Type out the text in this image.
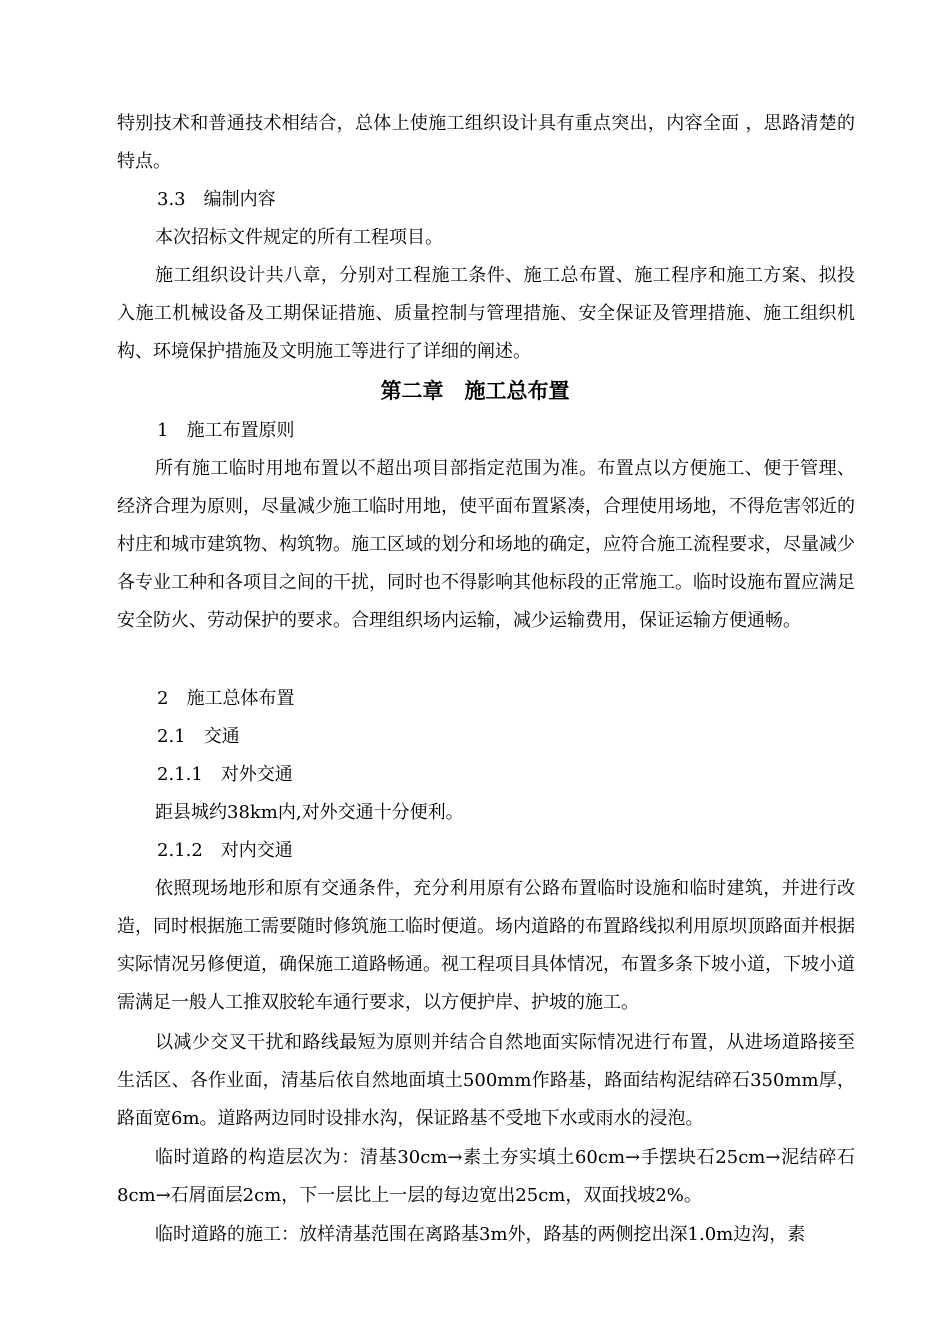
特别技术和普通技术相结合，总体上使施工组织设计具有重点突出，内容全面 ，思路清楚的特点。

3.3 编制内容

本次招标文件规定的所有工程项目。

施工组织设计共八章，分别对工程施工条件、施工总布置、施工程序和施工方案、拟投入施工机械设备及工期保证措施、质量控制与管理措施、安全保证及管理措施、施工组织机构、环境保护措施及文明施工等进行了详细的阐述。

第二章　施工总布置
1 施工布置原则

所有施工临时用地布置以不超出项目部指定范围为准。布置点以方便施工、便于管理、经济合理为原则，尽量减少施工临时用地，使平面布置紧凑，合理使用场地，不得危害邻近的村庄和城市建筑物、构筑物。施工区域的划分和场地的确定，应符合施工流程要求，尽量减少各专业工种和各项目之间的干扰，同时也不得影响其他标段的正常施工。临时设施布置应满足安全防火、劳动保护的要求。合理组织场内运输，减少运输费用，保证运输方便通畅。

2 施工总体布置
2.1 交通
2.1.1 对外交通

距县城约38km内,对外交通十分便利。

2.1.2 对内交通

依照现场地形和原有交通条件，充分利用原有公路布置临时设施和临时建筑，并进行改造，同时根据施工需要随时修筑施工临时便道。场内道路的布置路线拟利用原坝顶路面并根据实际情况另修便道，确保施工道路畅通。视工程项目具体情况，布置多条下坡小道，下坡小道需满足一般人工推双胶轮车通行要求，以方便护岸、护坡的施工。

以减少交叉干扰和路线最短为原则并结合自然地面实际情况进行布置，从进场道路接至生活区、各作业面，清基后依自然地面填土500mm作路基，路面结构泥结碎石350mm厚，路面宽6m。道路两边同时设排水沟，保证路基不受地下水或雨水的浸泡。

临时道路的构造层次为：清基30cm→素土夯实填土60cm→手摆块石25cm→泥结碎石8cm→石屑面层2cm，下一层比上一层的每边宽出25cm，双面找坡2%。

临时道路的施工：放样清基范围在离路基3m外，路基的两侧挖出深1.0m边沟，素
